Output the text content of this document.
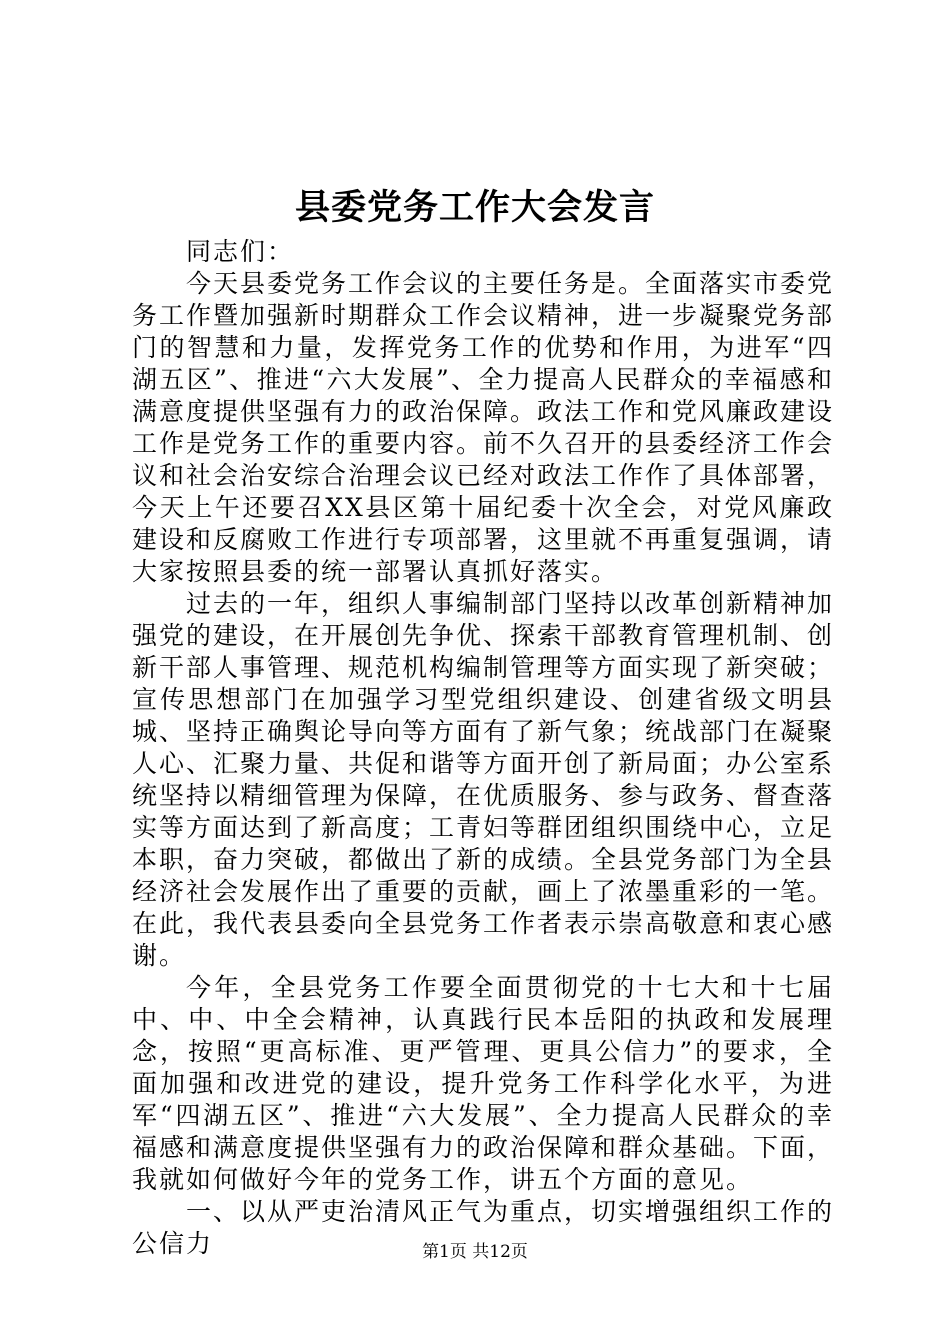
县委党务工作大会发言

同志们：

今天县委党务工作会议的主要任务是。全面落实市委党务工作暨加强新时期群众工作会议精神，进一步凝聚党务部门的智慧和力量，发挥党务工作的优势和作用，为进军“四湖五区”、推进“六大发展”、全力提高人民群众的幸福感和满意度提供坚强有力的政治保障。政法工作和党风廉政建设工作是党务工作的重要内容。前不久召开的县委经济工作会议和社会治安综合治理会议已经对政法工作作了具体部署，今天上午还要召XX县区第十届纪委十次全会，对党风廉政建设和反腐败工作进行专项部署，这里就不再重复强调，请大家按照县委的统一部署认真抓好落实。

过去的一年，组织人事编制部门坚持以改革创新精神加强党的建设，在开展创先争优、探索干部教育管理机制、创新干部人事管理、规范机构编制管理等方面实现了新突破；宣传思想部门在加强学习型党组织建设、创建省级文明县城、坚持正确舆论导向等方面有了新气象；统战部门在凝聚人心、汇聚力量、共促和谐等方面开创了新局面；办公室系统坚持以精细管理为保障，在优质服务、参与政务、督查落实等方面达到了新高度；工青妇等群团组织围绕中心，立足本职，奋力突破，都做出了新的成绩。全县党务部门为全县经济社会发展作出了重要的贡献，画上了浓墨重彩的一笔。在此，我代表县委向全县党务工作者表示崇高敬意和衷心感谢。

今年，全县党务工作要全面贯彻党的十七大和十七届中、中、中全会精神，认真践行民本岳阳的执政和发展理念，按照“更高标准、更严管理、更具公信力”的要求，全面加强和改进党的建设，提升党务工作科学化水平，为进军“四湖五区”、推进“六大发展”、全力提高人民群众的幸福感和满意度提供坚强有力的政治保障和群众基础。下面，我就如何做好今年的党务工作，讲五个方面的意见。

一、以从严吏治清风正气为重点，切实增强组织工作的公信力	第1页 共12页
